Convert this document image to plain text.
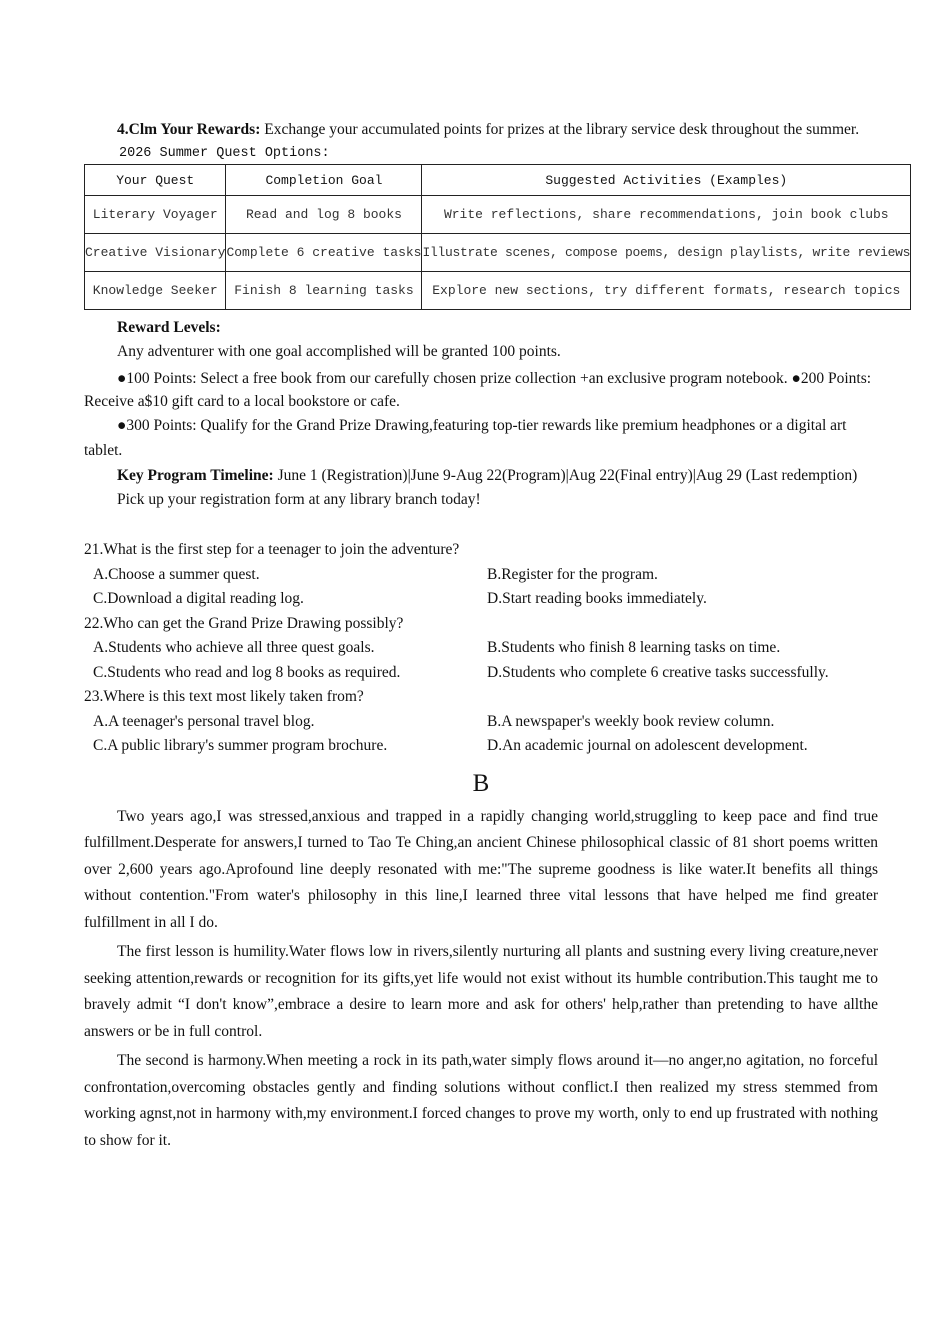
4.Clm Your Rewards: Exchange your accumulated points for prizes at the library service desk throughout the summer.

2026 Summer Quest Options:
Your Quest	Completion Goal	Suggested Activities (Examples)
Literary Voyager	Read and log 8 books	Write reflections, share recommendations, join book clubs
Creative Visionary	Complete 6 creative tasks	Illustrate scenes, compose poems, design playlists, write reviews
Knowledge Seeker	Finish 8 learning tasks	Explore new sections, try different formats, research topics

Reward Levels:

Any adventurer with one goal accomplished will be granted 100 points.

●100 Points: Select a free book from our carefully chosen prize collection +an exclusive program notebook. ●200 Points: Receive a$10 gift card to a local bookstore or cafe.

●300 Points: Qualify for the Grand Prize Drawing,featuring top-tier rewards like premium headphones or a digital art tablet.

Key Program Timeline: June 1 (Registration)|June 9-Aug 22(Program)|Aug 22(Final entry)|Aug 29 (Last redemption)

Pick up your registration form at any library branch today!

21.What is the first step for a teenager to join the adventure?

A.Choose a summer quest.	B.Register for the program.
C.Download a digital reading log.	D.Start reading books immediately.

22.Who can get the Grand Prize Drawing possibly?

A.Students who achieve all three quest goals.	B.Students who finish 8 learning tasks on time.
C.Students who read and log 8 books as required.	D.Students who complete 6 creative tasks successfully.

23.Where is this text most likely taken from?

A.A teenager's personal travel blog.	B.A newspaper's weekly book review column.
C.A public library's summer program brochure.	D.An academic journal on adolescent development.
B

Two years ago,I was stressed,anxious and trapped in a rapidly changing world,struggling to keep pace and find true fulfillment.Desperate for answers,I turned to Tao Te Ching,an ancient Chinese philosophical classic of 81 short poems written over 2,600 years ago.Aprofound line deeply resonated with me:"The supreme goodness is like water.It benefits all things without contention."From water's philosophy in this line,I learned three vital lessons that have helped me find greater fulfillment in all I do.

The first lesson is humility.Water flows low in rivers,silently nurturing all plants and sustning every living creature,never seeking attention,rewards or recognition for its gifts,yet life would not exist without its humble contribution.This taught me to bravely admit “I don't know”,embrace a desire to learn more and ask for others' help,rather than pretending to have allthe answers or be in full control.

The second is harmony.When meeting a rock in its path,water simply flows around it—no anger,no agitation, no forceful confrontation,overcoming obstacles gently and finding solutions without conflict.I then realized my stress stemmed from working agnst,not in harmony with,my environment.I forced changes to prove my worth, only to end up frustrated with nothing to show for it.
